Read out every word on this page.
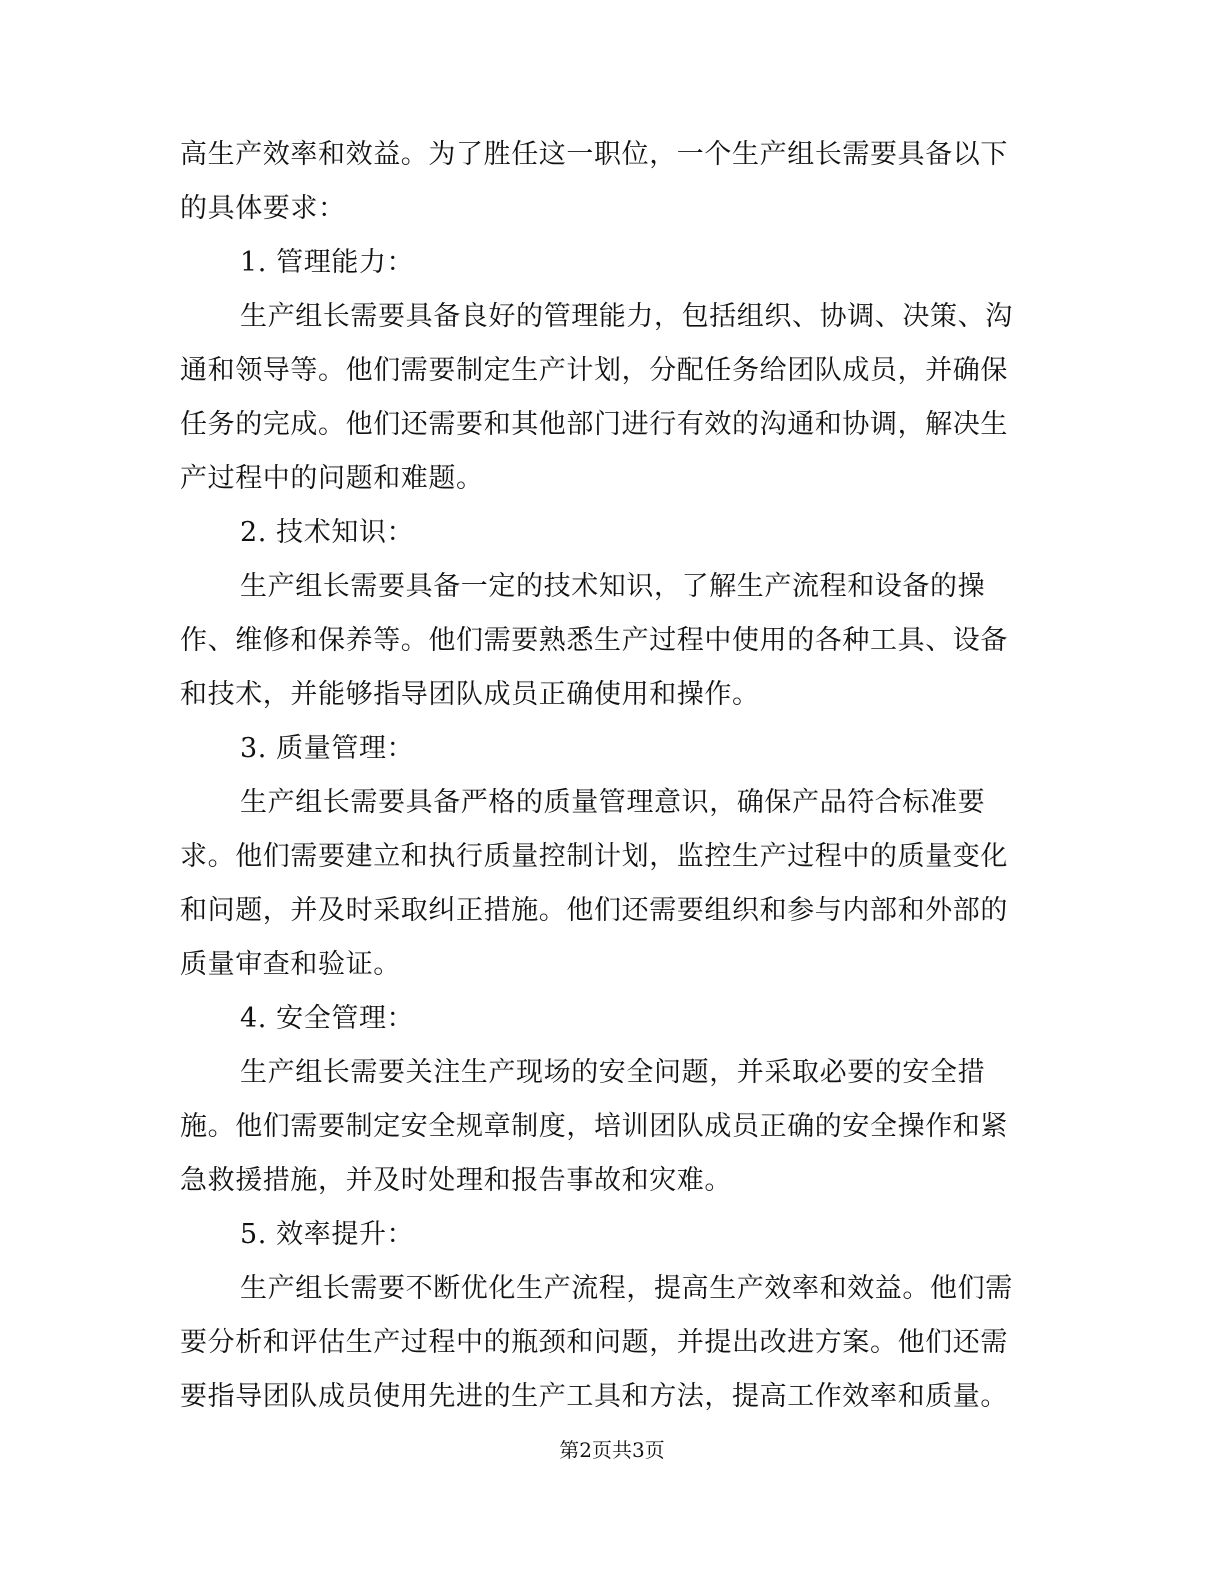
高生产效率和效益。为了胜任这一职位，一个生产组长需要具备以下
的具体要求：
1. 管理能力：
生产组长需要具备良好的管理能力，包括组织、协调、决策、沟
通和领导等。他们需要制定生产计划，分配任务给团队成员，并确保
任务的完成。他们还需要和其他部门进行有效的沟通和协调，解决生
产过程中的问题和难题。
2. 技术知识：
生产组长需要具备一定的技术知识，了解生产流程和设备的操
作、维修和保养等。他们需要熟悉生产过程中使用的各种工具、设备
和技术，并能够指导团队成员正确使用和操作。
3. 质量管理：
生产组长需要具备严格的质量管理意识，确保产品符合标准要
求。他们需要建立和执行质量控制计划，监控生产过程中的质量变化
和问题，并及时采取纠正措施。他们还需要组织和参与内部和外部的
质量审查和验证。
4. 安全管理：
生产组长需要关注生产现场的安全问题，并采取必要的安全措
施。他们需要制定安全规章制度，培训团队成员正确的安全操作和紧
急救援措施，并及时处理和报告事故和灾难。
5. 效率提升：
生产组长需要不断优化生产流程，提高生产效率和效益。他们需
要分析和评估生产过程中的瓶颈和问题，并提出改进方案。他们还需
要指导团队成员使用先进的生产工具和方法，提高工作效率和质量。
第2页共3页
